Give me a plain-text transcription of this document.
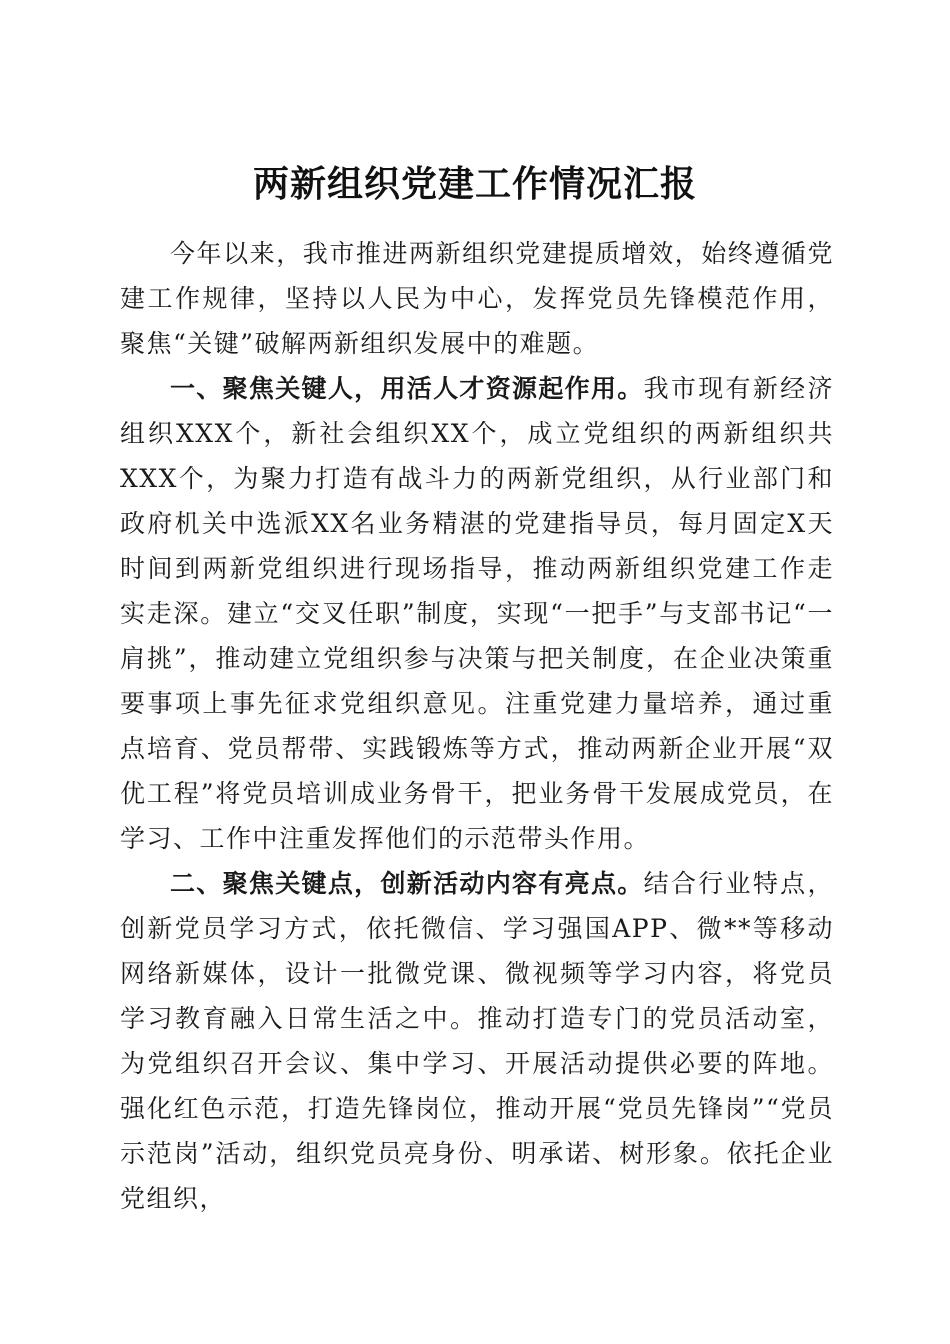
两新组织党建工作情况汇报

今年以来，我市推进两新组织党建提质增效，始终遵循党建工作规律，坚持以人民为中心，发挥党员先锋模范作用，聚焦“关键”破解两新组织发展中的难题。

一、聚焦关键人，用活人才资源起作用。我市现有新经济组织XXX个，新社会组织XX个，成立党组织的两新组织共XXX个，为聚力打造有战斗力的两新党组织，从行业部门和政府机关中选派XX名业务精湛的党建指导员，每月固定X天时间到两新党组织进行现场指导，推动两新组织党建工作走实走深。建立“交叉任职”制度，实现“一把手”与支部书记“一肩挑”，推动建立党组织参与决策与把关制度，在企业决策重要事项上事先征求党组织意见。注重党建力量培养，通过重点培育、党员帮带、实践锻炼等方式，推动两新企业开展“双优工程”将党员培训成业务骨干，把业务骨干发展成党员，在学习、工作中注重发挥他们的示范带头作用。

二、聚焦关键点，创新活动内容有亮点。结合行业特点，创新党员学习方式，依托微信、学习强国APP、微**等移动网络新媒体，设计一批微党课、微视频等学习内容，将党员学习教育融入日常生活之中。推动打造专门的党员活动室，为党组织召开会议、集中学习、开展活动提供必要的阵地。强化红色示范，打造先锋岗位，推动开展“党员先锋岗”“党员示范岗”活动，组织党员亮身份、明承诺、树形象。依托企业党组织，
